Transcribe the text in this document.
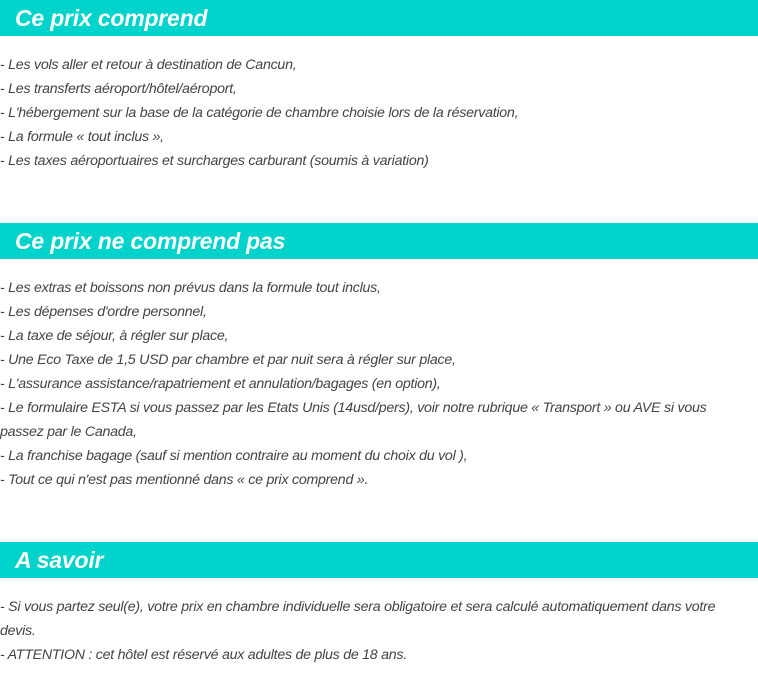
Ce prix comprend

- Les vols aller et retour à destination de Cancun,

- Les transferts aéroport/hôtel/aéroport,

- L'hébergement sur la base de la catégorie de chambre choisie lors de la réservation,

- La formule « tout inclus »,

- Les taxes aéroportuaires et surcharges carburant (soumis à variation)

Ce prix ne comprend pas

- Les extras et boissons non prévus dans la formule tout inclus,

- Les dépenses d'ordre personnel,

- La taxe de séjour, à régler sur place,

- Une Eco Taxe de 1,5 USD par chambre et par nuit sera à régler sur place,

- L'assurance assistance/rapatriement et annulation/bagages (en option),

- Le formulaire ESTA si vous passez par les Etats Unis (14usd/pers), voir notre rubrique « Transport » ou AVE si vous

passez par le Canada,

- La franchise bagage (sauf si mention contraire au moment du choix du vol ),

- Tout ce qui n'est pas mentionné dans « ce prix comprend ».

A savoir

- Si vous partez seul(e), votre prix en chambre individuelle sera obligatoire et sera calculé automatiquement dans votre

devis.

- ATTENTION : cet hôtel est réservé aux adultes de plus de 18 ans.
